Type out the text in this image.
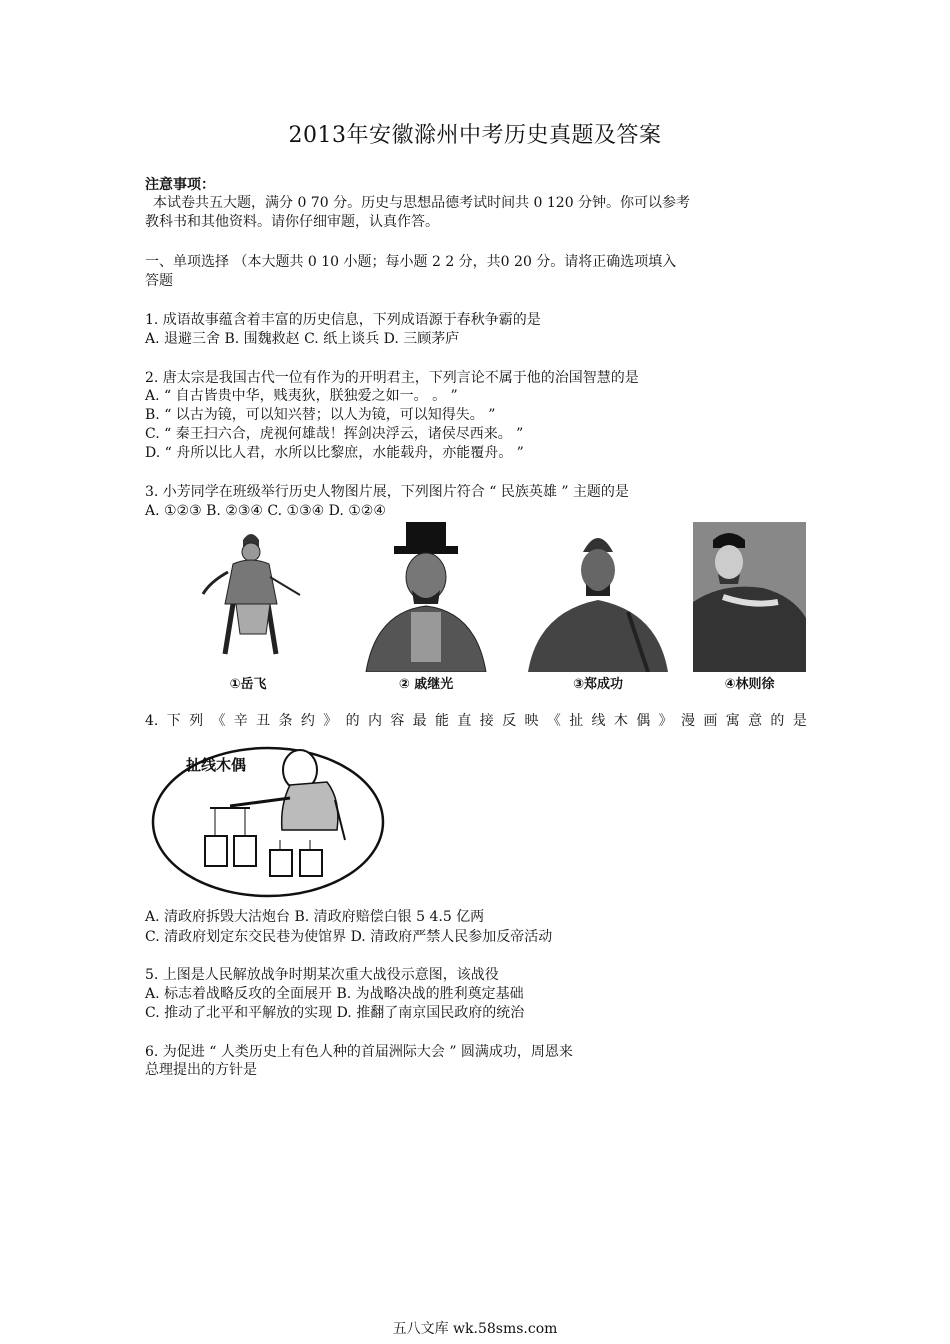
2013年安徽滁州中考历史真题及答案
注意事项：
本试卷共五大题，满分 0 70 分。历史与思想品德考试时间共 0 120 分钟。你可以参考
教科书和其他资料。请你仔细审题，认真作答。
一、单项选择 （本大题共 0 10 小题；每小题 2 2 分，共0 20 分。请将正确选项填入
答题
1. 成语故事蕴含着丰富的历史信息，下列成语源于春秋争霸的是
A. 退避三舍 B. 围魏救赵 C. 纸上谈兵 D. 三顾茅庐
2. 唐太宗是我国古代一位有作为的开明君主，下列言论不属于他的治国智慧的是
A. “ 自古皆贵中华，贱夷狄，朕独爱之如一。 。 ”
B. “ 以古为镜，可以知兴替；以人为镜，可以知得失。 ”
C. “ 秦王扫六合，虎视何雄哉！挥剑决浮云，诸侯尽西来。 ”
D. “ 舟所以比人君，水所以比黎庶，水能载舟，亦能覆舟。 ”
3. 小芳同学在班级举行历史人物图片展，下列图片符合 “ 民族英雄 ” 主题的是
A. ①②③ B. ②③④ C. ①③④ D. ①②④
①岳飞	② 戚继光	③郑成功	④林则徐
4. 下 列 《 辛 丑 条 约 》 的 内 容 最 能 直 接 反 映 《 扯 线 木 偶 》 漫 画 寓 意 的 是
扯线木偶
A. 清政府拆毁大沽炮台 B. 清政府赔偿白银 5 4.5 亿两
C. 清政府划定东交民巷为使馆界 D. 清政府严禁人民参加反帝活动
5. 上图是人民解放战争时期某次重大战役示意图，该战役
A. 标志着战略反攻的全面展开 B. 为战略决战的胜利奠定基础
C. 推动了北平和平解放的实现 D. 推翻了南京国民政府的统治
6. 为促进 “ 人类历史上有色人种的首届洲际大会 ” 圆满成功，周恩来
总理提出的方针是
五八文库 wk.58sms.com
